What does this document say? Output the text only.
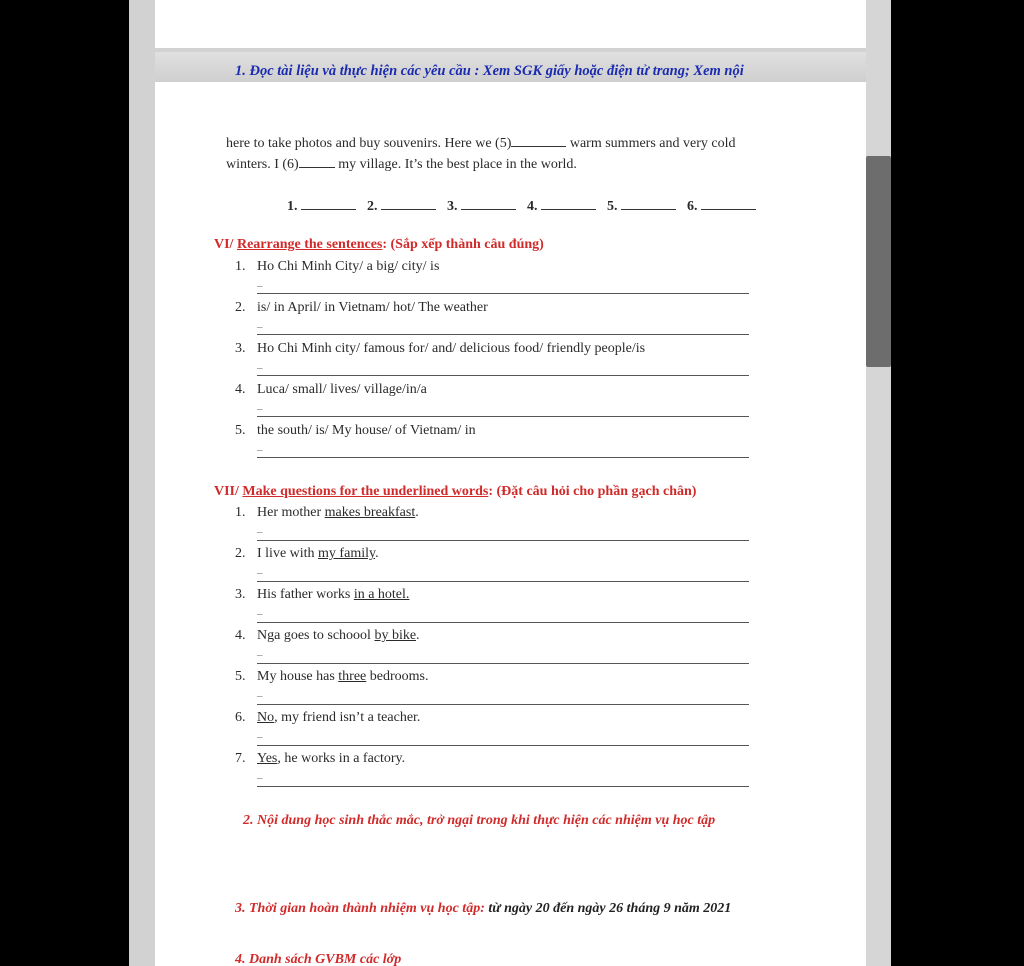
1. Đọc tài liệu và thực hiện các yêu cầu : Xem SGK giấy hoặc điện tử trang; Xem nội
here to take photos and buy souvenirs. Here we (5)	warm summers and very cold
winters. I (6)	my village. It’s the best place in the world.
1.	2.	3.	4.	5.	6.
VI/ Rearrange the sentences: (Sắp xếp thành câu đúng)
1. Ho Chi Minh City/ a big/ city/ is
–
2. is/ in April/ in Vietnam/ hot/ The weather
–
3. Ho Chi Minh city/ famous for/ and/ delicious food/ friendly people/is
–
4. Luca/ small/ lives/ village/in/a
–
5. the south/ is/ My house/ of Vietnam/ in
–
VII/ Make questions for the underlined words: (Đặt câu hỏi cho phần gạch chân)
1. Her mother makes breakfast.
–
2. I live with my family.
–
3. His father works in a hotel.
–
4. Nga goes to schoool by bike.
–
5. My house has three bedrooms.
–
6. No, my friend isn’t a teacher.
–
7. Yes, he works in a factory.
–
2. Nội dung học sinh thắc mắc, trở ngại trong khi thực hiện các nhiệm vụ học tập
3. Thời gian hoàn thành nhiệm vụ học tập: từ ngày 20 đến ngày 26 tháng 9 năm 2021
4. Danh sách GVBM các lớp
